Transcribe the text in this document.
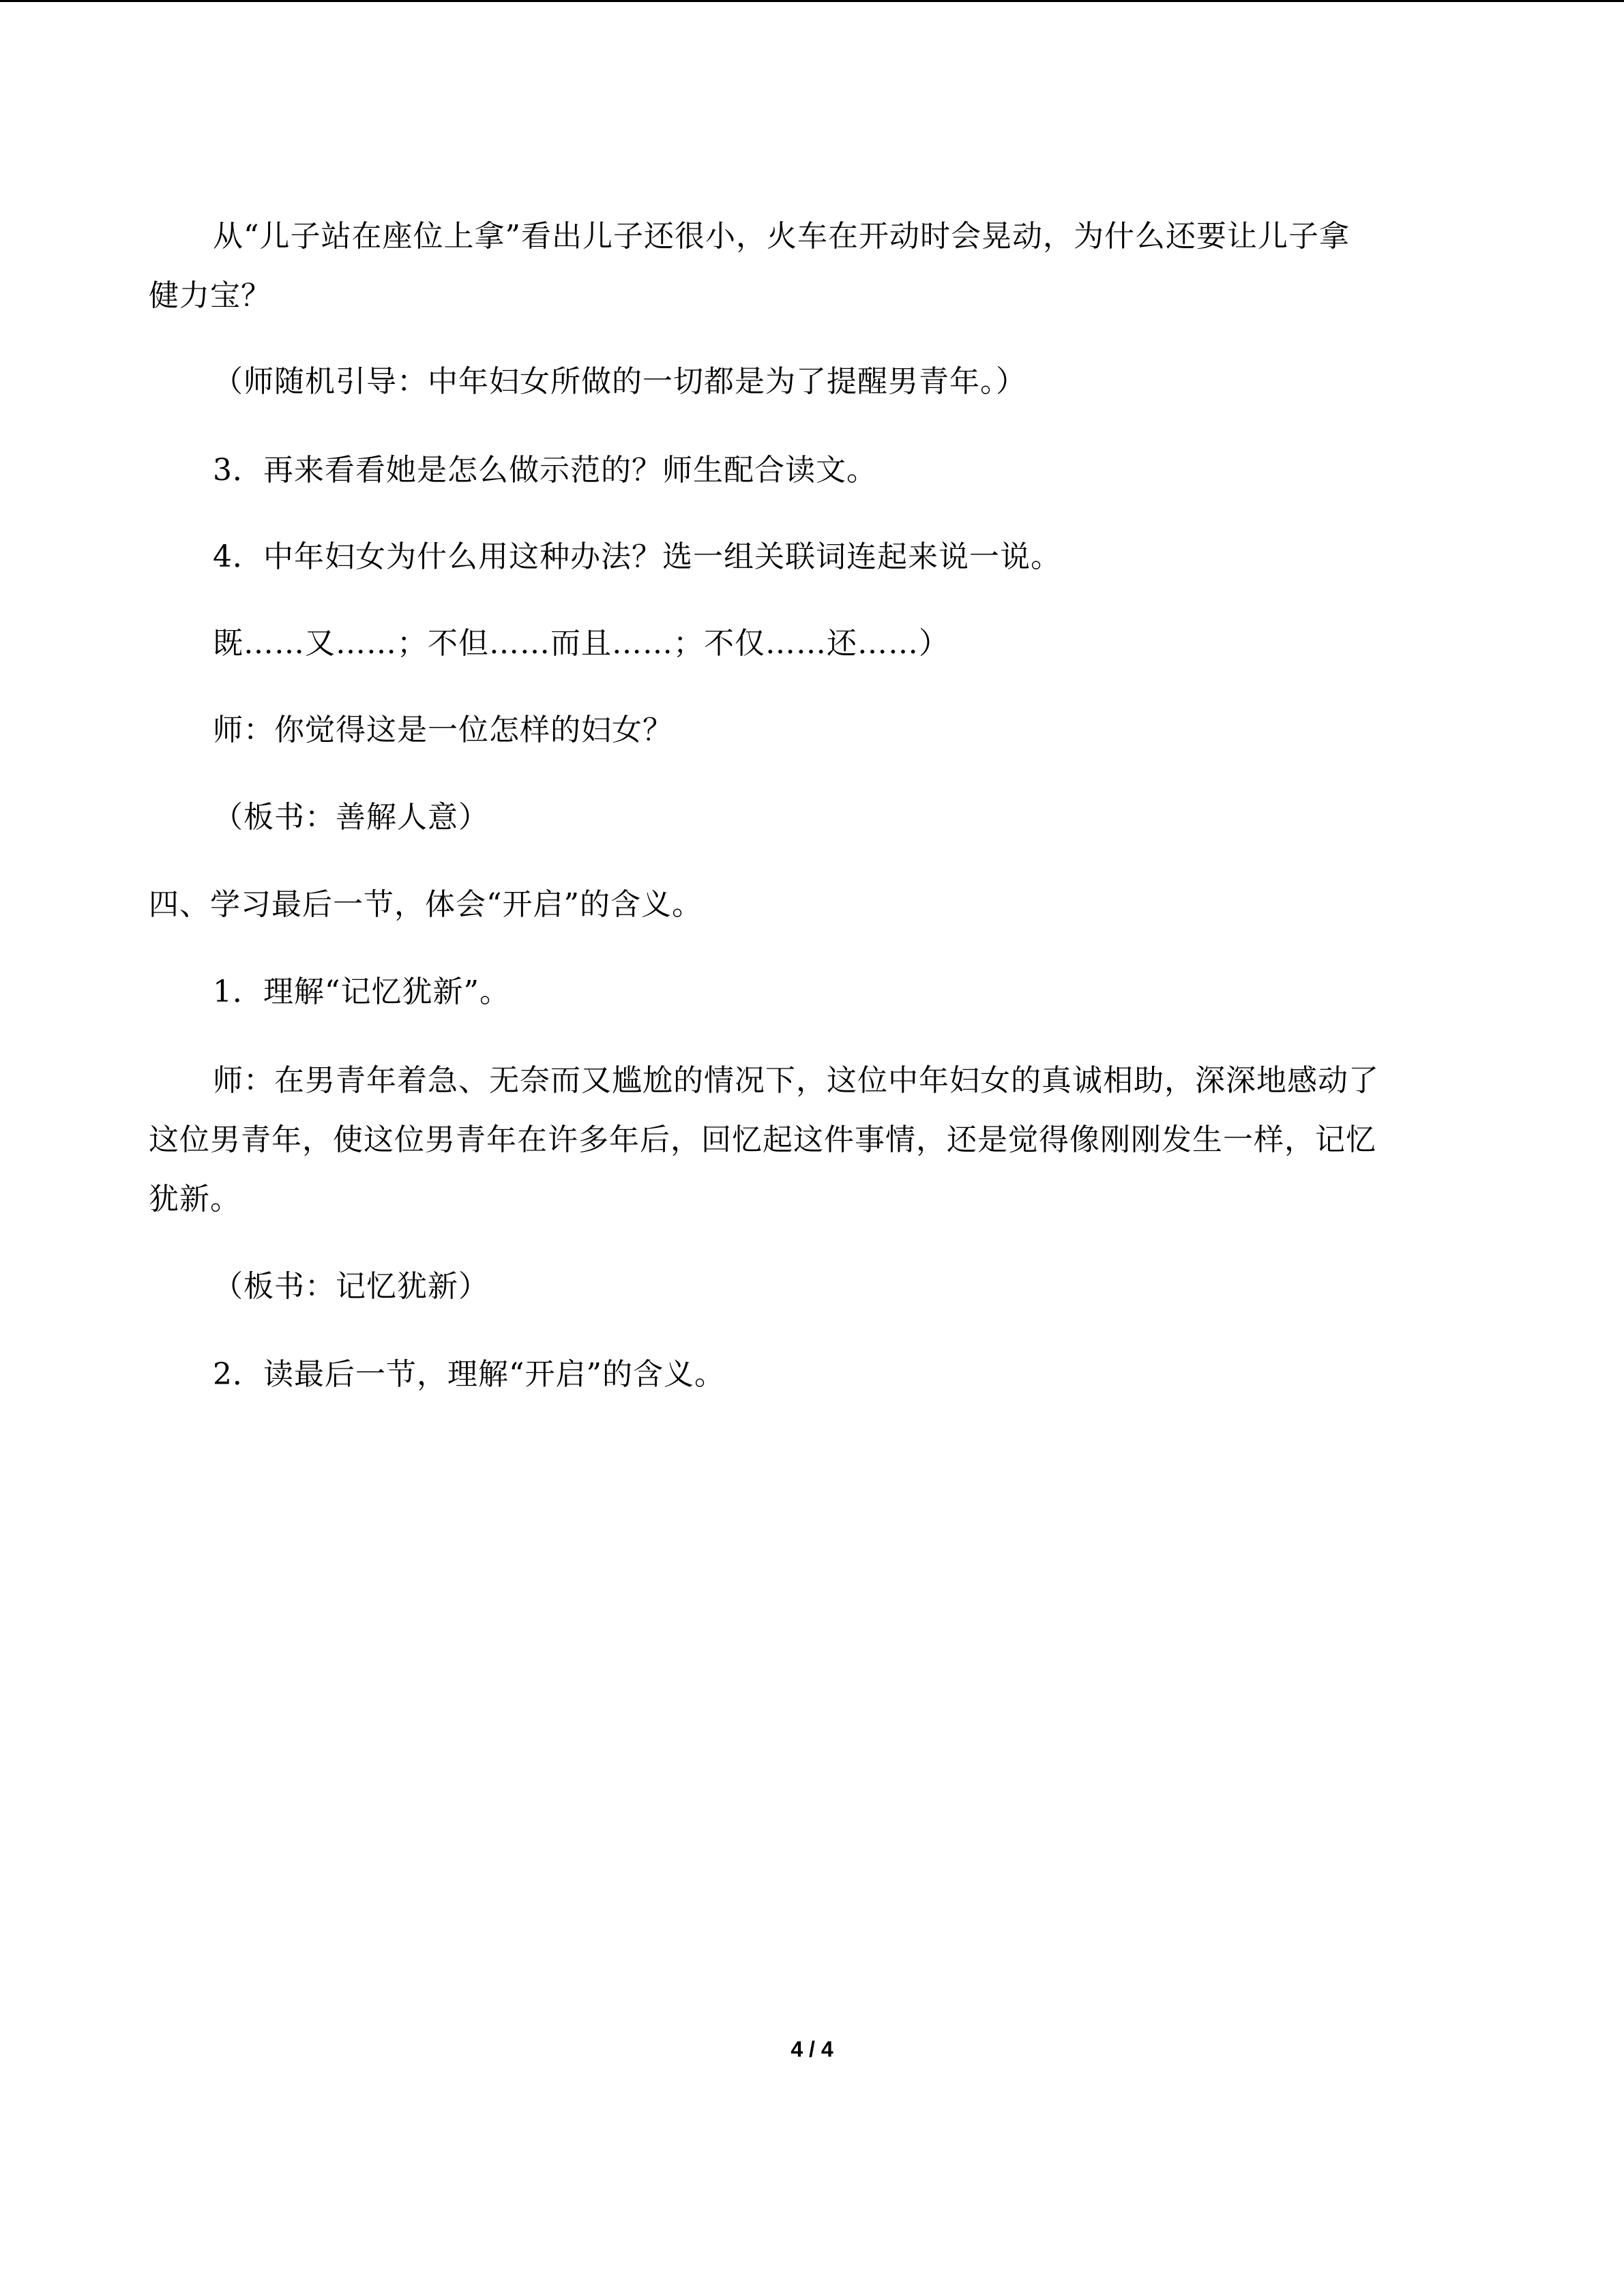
从“儿子站在座位上拿”看出儿子还很小，火车在开动时会晃动，为什么还要让儿子拿

健力宝？

（师随机引导：中年妇女所做的一切都是为了提醒男青年。）

3．再来看看她是怎么做示范的？师生配合读文。

4．中年妇女为什么用这种办法？选一组关联词连起来说一说。

既……又……；不但……而且……；不仅……还……）

师：你觉得这是一位怎样的妇女？

（板书：善解人意）

四、学习最后一节，体会“开启”的含义。

1．理解“记忆犹新”。

师：在男青年着急、无奈而又尴尬的情况下，这位中年妇女的真诚相助，深深地感动了

这位男青年，使这位男青年在许多年后，回忆起这件事情，还是觉得像刚刚发生一样，记忆

犹新。

（板书：记忆犹新）

2．读最后一节，理解“开启”的含义。

4 / 4
